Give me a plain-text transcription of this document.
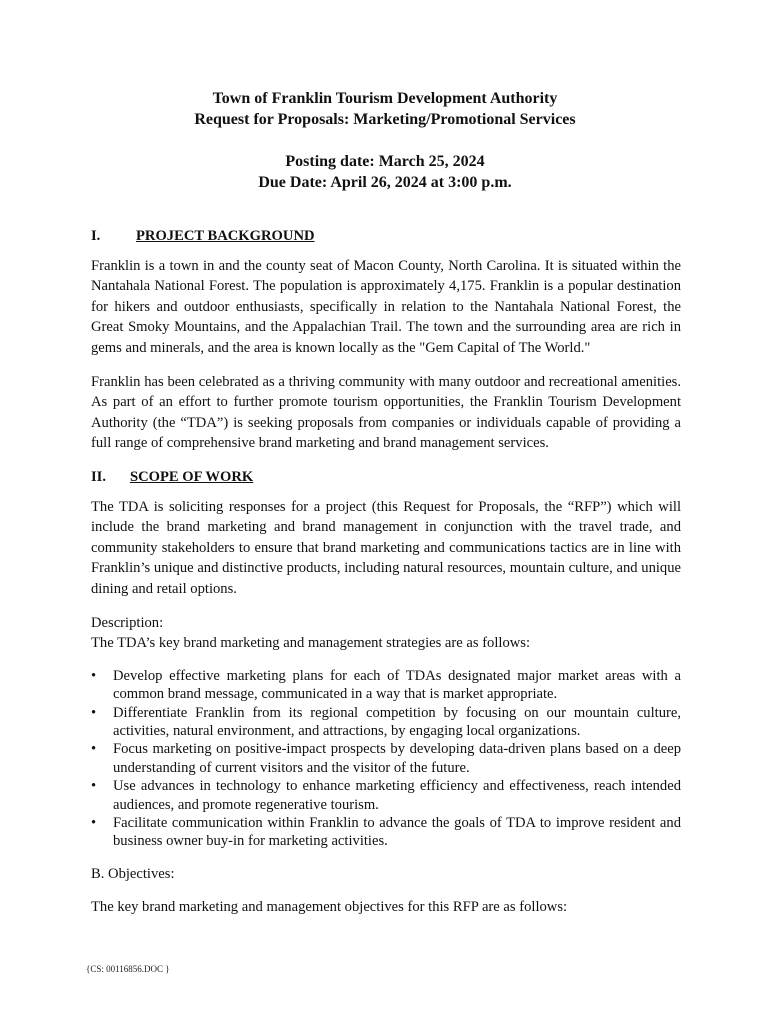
Town of Franklin Tourism Development Authority
Request for Proposals: Marketing/Promotional Services
Posting date: March 25, 2024
Due Date: April 26, 2024 at 3:00 p.m.
I.	PROJECT BACKGROUND

Franklin is a town in and the county seat of Macon County, North Carolina. It is situated within the Nantahala National Forest. The population is approximately 4,175. Franklin is a popular destination for hikers and outdoor enthusiasts, specifically in relation to the Nantahala National Forest, the Great Smoky Mountains, and the Appalachian Trail. The town and the surrounding area are rich in gems and minerals, and the area is known locally as the "Gem Capital of The World."

Franklin has been celebrated as a thriving community with many outdoor and recreational amenities. As part of an effort to further promote tourism opportunities, the Franklin Tourism Development Authority (the “TDA”) is seeking proposals from companies or individuals capable of providing a full range of comprehensive brand marketing and brand management services.

II.	SCOPE OF WORK

The TDA is soliciting responses for a project (this Request for Proposals, the “RFP”) which will include the brand marketing and brand management in conjunction with the travel trade, and community stakeholders to ensure that brand marketing and communications tactics are in line with Franklin’s unique and distinctive products, including natural resources, mountain culture, and unique dining and retail options.

Description:

The TDA’s key brand marketing and management strategies are as follows:

• Develop effective marketing plans for each of TDAs designated major market areas with a common brand message, communicated in a way that is market appropriate.
• Differentiate Franklin from its regional competition by focusing on our mountain culture, activities, natural environment, and attractions, by engaging local organizations.
• Focus marketing on positive-impact prospects by developing data-driven plans based on a deep understanding of current visitors and the visitor of the future.
• Use advances in technology to enhance marketing efficiency and effectiveness, reach intended audiences, and promote regenerative tourism.
• Facilitate communication within Franklin to advance the goals of TDA to improve resident and business owner buy-in for marketing activities.

B. Objectives:

The key brand marketing and management objectives for this RFP are as follows:

{CS: 00116856.DOC }
